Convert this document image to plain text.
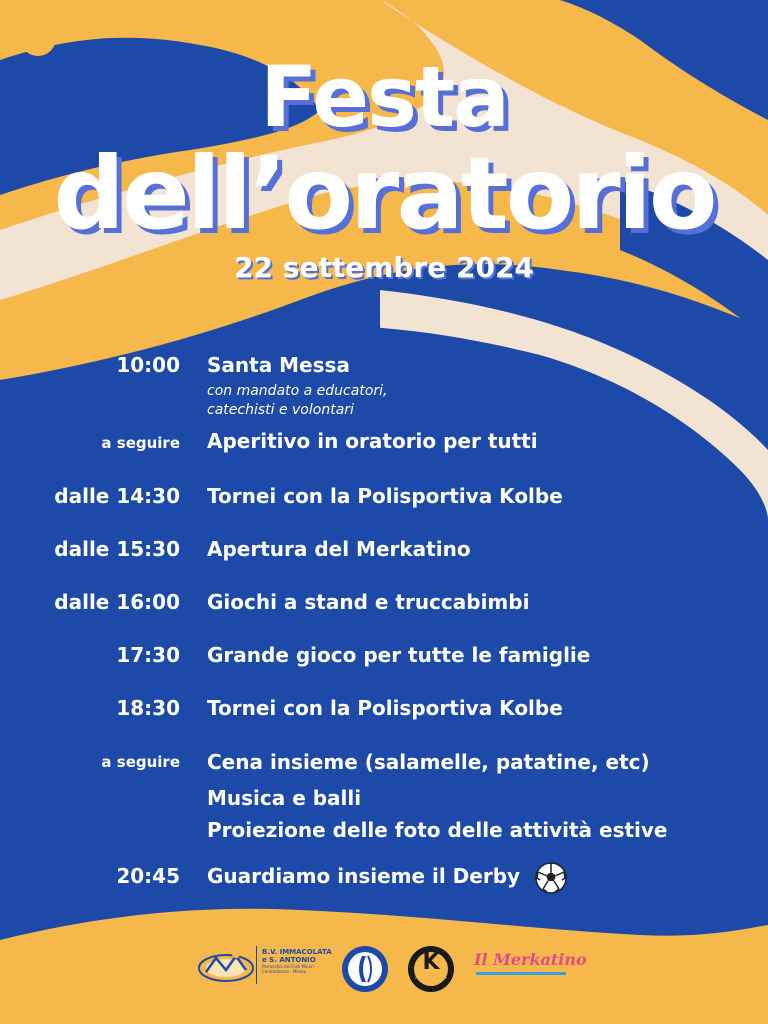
Festa
dell’oratorio
22 settembre 2024
10:00 Santa Messa
con mandato a educatori,
catechisti e volontari
a seguire Aperitivo in oratorio per tutti
dalle 14:30 Tornei con la Polisportiva Kolbe
dalle 15:30 Apertura del Merkatino
dalle 16:00 Giochi a stand e truccabimbi
17:30 Grande gioco per tutte le famiglie
18:30 Tornei con la Polisportiva Kolbe
a seguire Cena insieme (salamelle, patatine, etc)
Musica e balli
Proiezione delle foto delle attività estive
20:45 Guardiamo insieme il Derby
B.V. IMMACOLATA
e S. ANTONIO
Parrocchia dei Frati Minori
Centrostorico - Milano	K
POLISPORTIVA KOLBE
Il Merkatino
